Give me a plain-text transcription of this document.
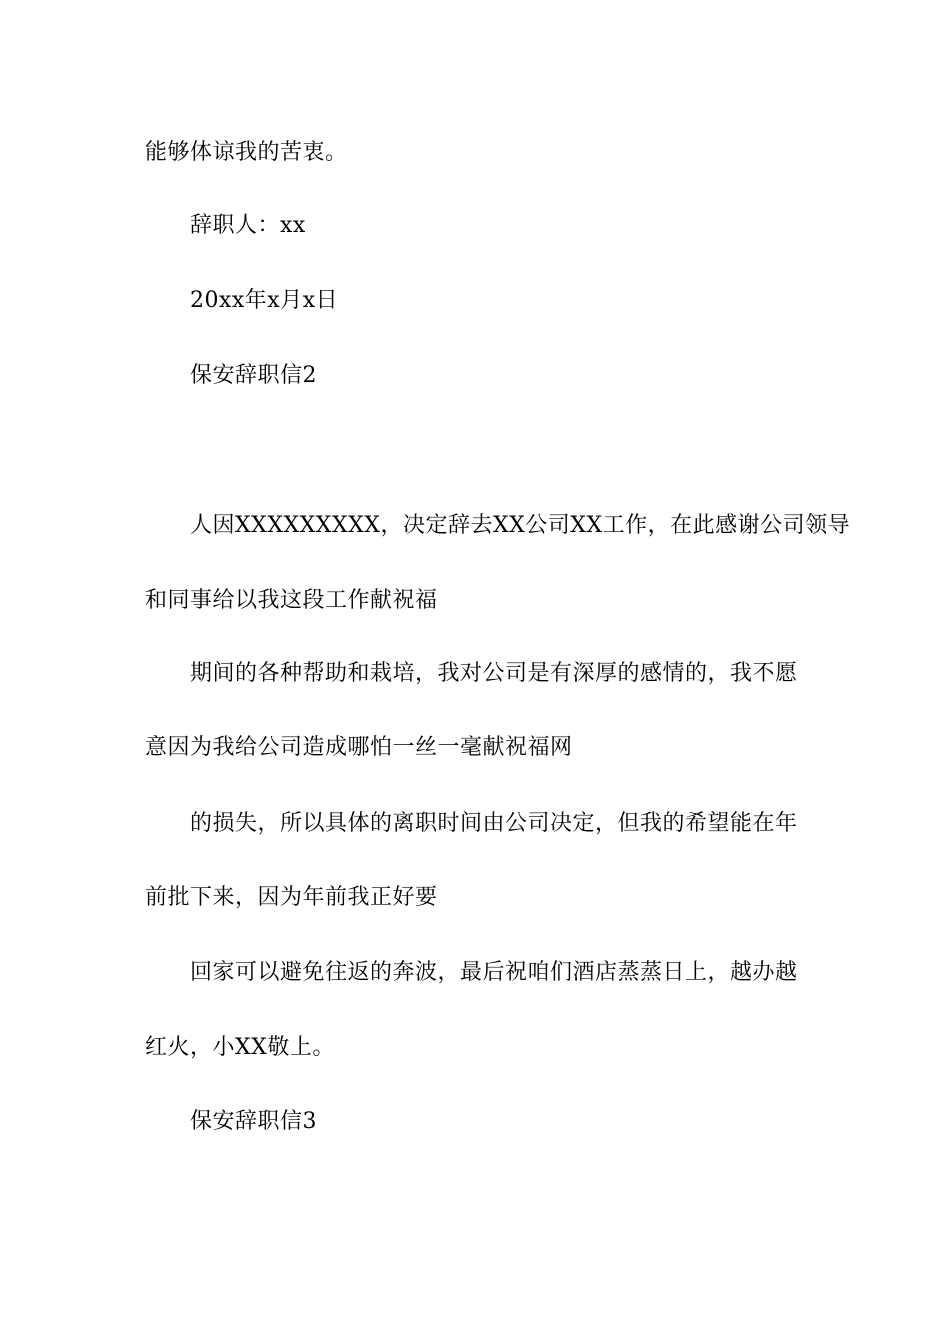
能够体谅我的苦衷。
辞职人：xx
20xx年x月x日
保安辞职信2
人因XXXXXXXXX，决定辞去XX公司XX工作，在此感谢公司领导
和同事给以我这段工作献祝福
期间的各种帮助和栽培，我对公司是有深厚的感情的，我不愿
意因为我给公司造成哪怕一丝一毫献祝福网
的损失，所以具体的离职时间由公司决定，但我的希望能在年
前批下来，因为年前我正好要
回家可以避免往返的奔波，最后祝咱们酒店蒸蒸日上，越办越
红火，小XX敬上。
保安辞职信3
